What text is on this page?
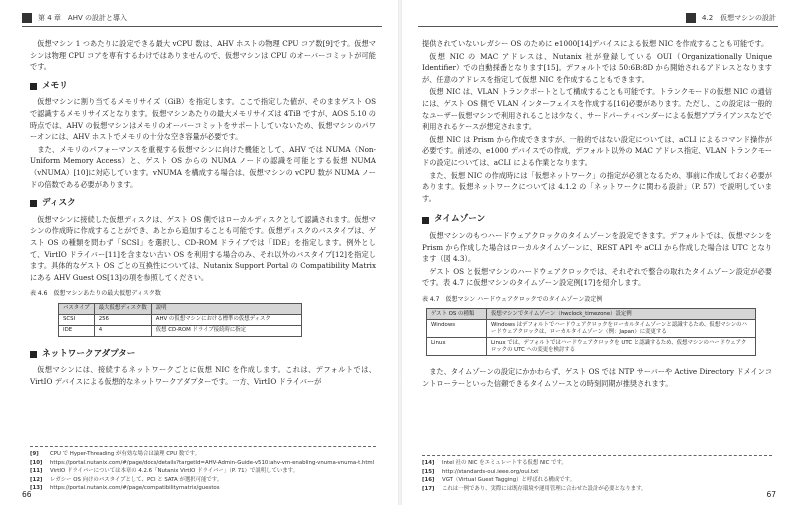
第 4 章　AHV の設計と導入

仮想マシン 1 つあたりに設定できる最大 vCPU 数は、AHV ホストの物理 CPU コア数[9]です。仮想マシンは物理 CPU コアを専有するわけではありませんので、仮想マシンは CPU のオーバーコミットが可能です。

メモリ

仮想マシンに割り当てるメモリサイズ（GiB）を指定します。ここで指定した値が、そのままゲスト OS で認識するメモリサイズとなります。仮想マシンあたりの最大メモリサイズは 4TiB ですが、AOS 5.10 の時点では、AHV の仮想マシンはメモリのオーバーコミットをサポートしていないため、仮想マシンのパワーオンには、AHV ホストでメモリの十分な空き容量が必要です。

また、メモリのパフォーマンスを重視する仮想マシンに向けた機能として、AHV では NUMA（Non-Uniform Memory Access）と、ゲスト OS からの NUMA ノードの認識を可能とする仮想 NUMA（vNUMA）[10]に対応しています。vNUMA を構成する場合は、仮想マシンの vCPU 数が NUMA ノードの倍数である必要があります。

ディスク

仮想マシンに接続した仮想ディスクは、ゲスト OS 側ではローカルディスクとして認識されます。仮想マシンの作成時に作成することができ、あとから追加することも可能です。仮想ディスクのバスタイプは、ゲスト OS の種類を問わず「SCSI」を選択し、CD-ROM ドライブでは「IDE」を指定します。例外として、VirtIO ドライバー[11]を含まない古い OS を利用する場合のみ、それ以外のバスタイプ[12]を指定します。具体的なゲスト OS ごとの互換性については、Nutanix Support Portal の Compatibility Matrix にある AHV Guest OS[13]の項を参照してください。

表 4.6　仮想マシンあたりの最大仮想ディスク数
バスタイプ	最大仮想ディスク数	説明
SCSI	256	AHV の仮想マシンにおける標準の仮想ディスク
IDE	4	仮想 CD-ROM ドライブ接続時に指定
ネットワークアダプター

仮想マシンには、接続するネットワークごとに仮想 NIC を作成します。これは、デフォルトでは、VirtIO デバイスによる仮想的なネットワークアダプターです。一方、VirtIO ドライバーが

[9]	CPU で Hyper-Threading が有効な場合は論理 CPU 数です。
[10]	https://portal.nutanix.com/#/page/docs/details?targetId=AHV-Admin-Guide-v510:ahv-vm-enabling-vnuma-vnuma-t.html
[11]	VirtIO ドライバーについては本章の 4.2.6「Nutanix VirtIO ドライバー」（P. 71）で説明しています。
[12]	レガシー OS 向けのバスタイプとして、PCI と SATA が選択可能です。
[13]	https://portal.nutanix.com/#/page/compatibilitymatrix/guestos
66
4.2　仮想マシンの設計

提供されていないレガシー OS のために e1000[14]デバイスによる仮想 NIC を作成することも可能です。

仮想 NIC の MAC アドレスは、Nutanix 社が登録している OUI（Organizationally Unique Identifier）での自動採番となります[15]。デフォルトでは 50:6B:8D から開始されるアドレスとなりますが、任意のアドレスを指定して仮想 NIC を作成することもできます。

仮想 NIC は、VLAN トランクポートとして構成することも可能です。トランクモードの仮想 NIC の通信には、ゲスト OS 側で VLAN インターフェイスを作成する[16]必要があります。ただし、この設定は一般的なユーザー仮想マシンで利用されることは少なく、サードパーティベンダーによる仮想アプライアンスなどで利用されるケースが想定されます。

仮想 NIC は Prism から作成できますが、一般的ではない設定については、aCLI によるコマンド操作が必要です。前述の、e1000 デバイスでの作成、デフォルト以外の MAC アドレス指定、VLAN トランクモードの設定については、aCLI による作業となります。

また、仮想 NIC の作成時には「仮想ネットワーク」の指定が必須となるため、事前に作成しておく必要があります。仮想ネットワークについては 4.1.2 の「ネットワークに関わる設計」（P. 57）で説明しています。

タイムゾーン

仮想マシンのもつハードウェアクロックのタイムゾーンを設定できます。デフォルトでは、仮想マシンを Prism から作成した場合はローカルタイムゾーンに、REST API や aCLI から作成した場合は UTC となります（図 4.3）。

ゲスト OS と仮想マシンのハードウェアクロックでは、それぞれで整合の取れたタイムゾーン設定が必要です。表 4.7 に仮想マシンのタイムゾーン設定例[17]を紹介します。

表 4.7　仮想マシン ハードウェアクロックでのタイムゾーン設定例
ゲスト OS の種類	仮想マシンでタイムゾーン（hwclock_timezone）設定例
Windows	Windows はデフォルトでハードウェアクロックをローカルタイムゾーンと認識するため、仮想マシンのハードウェアクロックは、ローカルタイムゾーン（例：Japan）に変更する
Linux	Linux では、デフォルトではハードウェアクロックを UTC と認識するため、仮想マシンのハードウェアクロックの UTC への変更を検討する

また、タイムゾーンの設定にかかわらず、ゲスト OS では NTP サーバーや Active Directory ドメインコントローラーといった信頼できるタイムソースとの時刻同期が推奨されます。

[14]	Intel 社の NIC をエミュレートする仮想 NIC です。
[15]	http://standards-oui.ieee.org/oui.txt
[16]	VGT（Virtual Guest Tagging）と呼ばれる構成です。
[17]	これは一例であり、実際には既存環境や運用管理に合わせた設計が必要となります。
67
